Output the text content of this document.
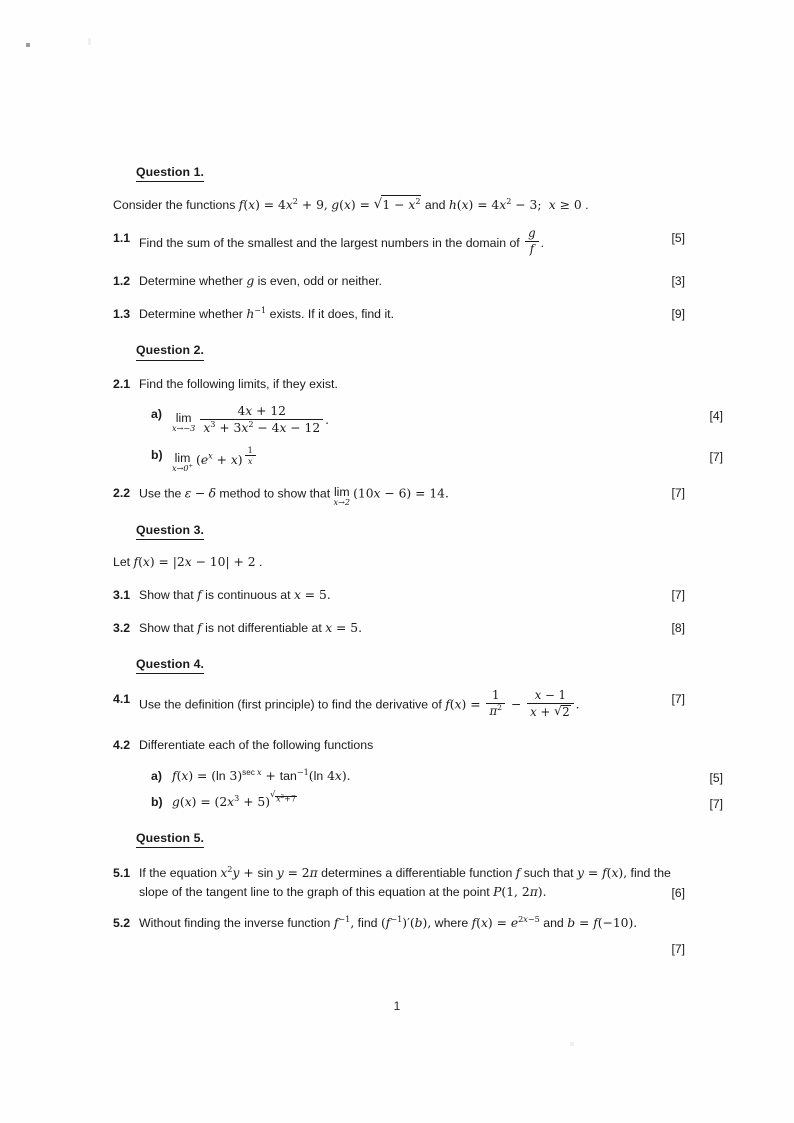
Question 1.
Consider the functions $f(x) = 4x^2 + 9$, g(x) = √ $1 - x^2$ and $h(x) = 4x^2 - 3$;  x ≥ 0 .
1.1 Find the sum of the smallest and the largest numbers in the domain of $\frac{g}{f}$ .	[5]
1.2 Determine whether g is even, odd or neither.	[3]
1.3 Determine whether $h^{-1}$ exists. If it does, find it.	[9]
Question 2.
2.1 Find the following limits, if they exist.
a)	lim
$x\to-3 \frac{4x + 12}{x^3 + 3x^2 - 4x - 12}$ .	[4]
b) lim
x→0+ $(e^x + x)$ $^{\frac{1}{x}}$	[7]
2.2 Use the ε − δ method to show that lim
x→2
(10x − 6) = 14.	[7]
Question 3.
Let f(x) = |2x − 10| + 2 .
3.1 Show that f is continuous at x = 5.	[7]
3.2 Show that f is not differentiable at x = 5.	[8]
Question 4.
4.1 Use the definition (first principle) to find the derivative of $f(x) = \frac{1}{\pi^2} - \frac{x - 1}{x + √ 2}$ .	[7]
4.2 Differentiate each of the following functions
a) f(x) = (ln $3)^{sec x} + \tan^{-1}(\ln$ 4x).	[5]
b) $g(x) = (2x^3 + 5)$ √ $^{x^2+7}$	[7]
Question 5.
5.1 If the equation $x^2y + \sin y = 2\pi$ determines a differentiable function f such that y = f(x), find the slope of the tangent line to the graph of this equation at the point P(1, 2π).	[6]
5.2 Without finding the inverse function $f^{-1}$, find $(f^{-1})'(b)$, where $f(x) = e^{2x-5}$ and b = f(−10).
[7]
1
